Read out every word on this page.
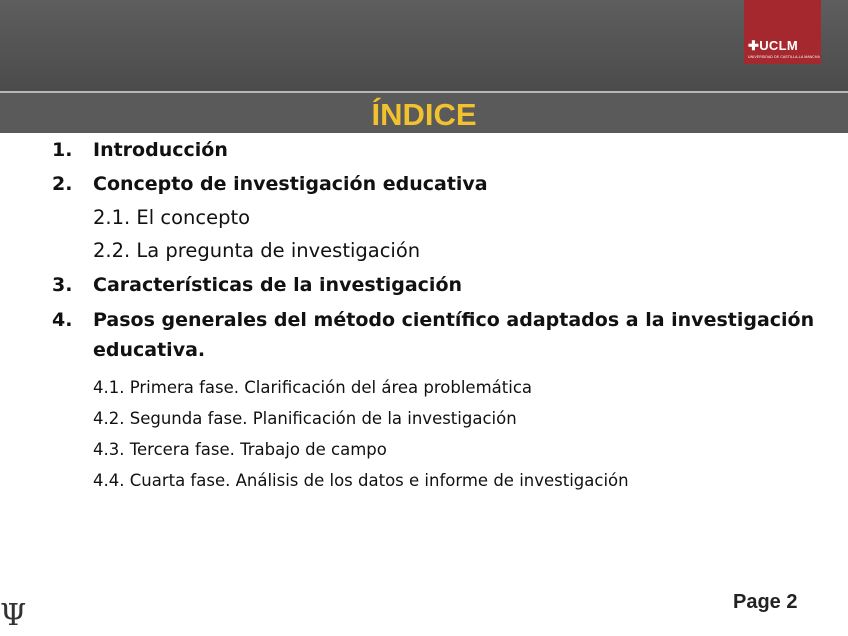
✚UCLM
UNIVERSIDAD DE CASTILLA-LA MANCHA
ÍNDICE
1. Introducción
2. Concepto de investigación educativa
2.1. El concepto
2.2. La pregunta de investigación
3. Características de la investigación
4.	Pasos generales del método científico adaptados a la investigación
educativa.
4.1. Primera fase. Clarificación del área problemática
4.2. Segunda fase. Planificación de la investigación
4.3. Tercera fase. Trabajo de campo
4.4. Cuarta fase. Análisis de los datos e informe de investigación
Page 2
Ψ
